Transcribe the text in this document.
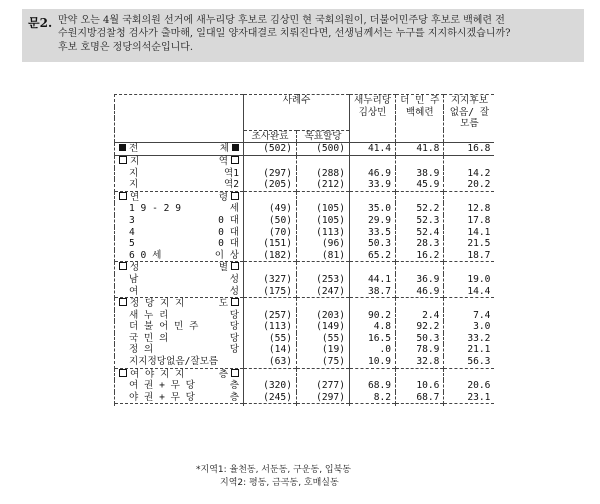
문2. 만약 오는 4월 국회의원 선거에 새누리당 후보로 김상민 현 국회의원이, 더불어민주당 후보로 백혜련 전
수원지방검찰청 검사가 출마해, 일대일 양자대결로 치뤄진다면, 선생님께서는 누구를 지지하시겠습니까?
후보 호명은 정당의석순입니다.
	사례수		새누리당	더 민 주	지지후보
			김상민	백혜련	없음/ 잘
					모름
	조사완료	목표할당			

전 체	(502)	(500)	41.4	41.8	16.8

지 역					

지 역1	(297)	(288)	46.9	38.9	14.2

지 역2	(205)	(212)	33.9	45.9	20.2

연 령					

1 9 - 2 9 세	(49)	(105)	35.0	52.2	12.8

3 0 대	(50)	(105)	29.9	52.3	17.8

4 0 대	(70)	(113)	33.5	52.4	14.1

5 0 대	(151)	(96)	50.3	28.3	21.5

6 0 세 이 상	(182)	(81)	65.2	16.2	18.7

성 별					

남 성	(327)	(253)	44.1	36.9	19.0

여 성	(175)	(247)	38.7	46.9	14.4

정 당 지 지 도					

새 누 리 당	(257)	(203)	90.2	2.4	7.4

더 불 어 민 주 당	(113)	(149)	4.8	92.2	3.0

국 민 의 당	(55)	(55)	16.5	50.3	33.2

정 의 당	(14)	(19)	.0	78.9	21.1

지지정당없음/잘모름	(63)	(75)	10.9	32.8	56.3

여 야 지 지 층					

여 권 + 무 당 층	(320)	(277)	68.9	10.6	20.6

야 권 + 무 당 층	(245)	(297)	8.2	68.7	23.1

*지역1: 율천동, 서둔동, 구운동, 입북동
지역2: 평동, 금곡동, 호매실동
